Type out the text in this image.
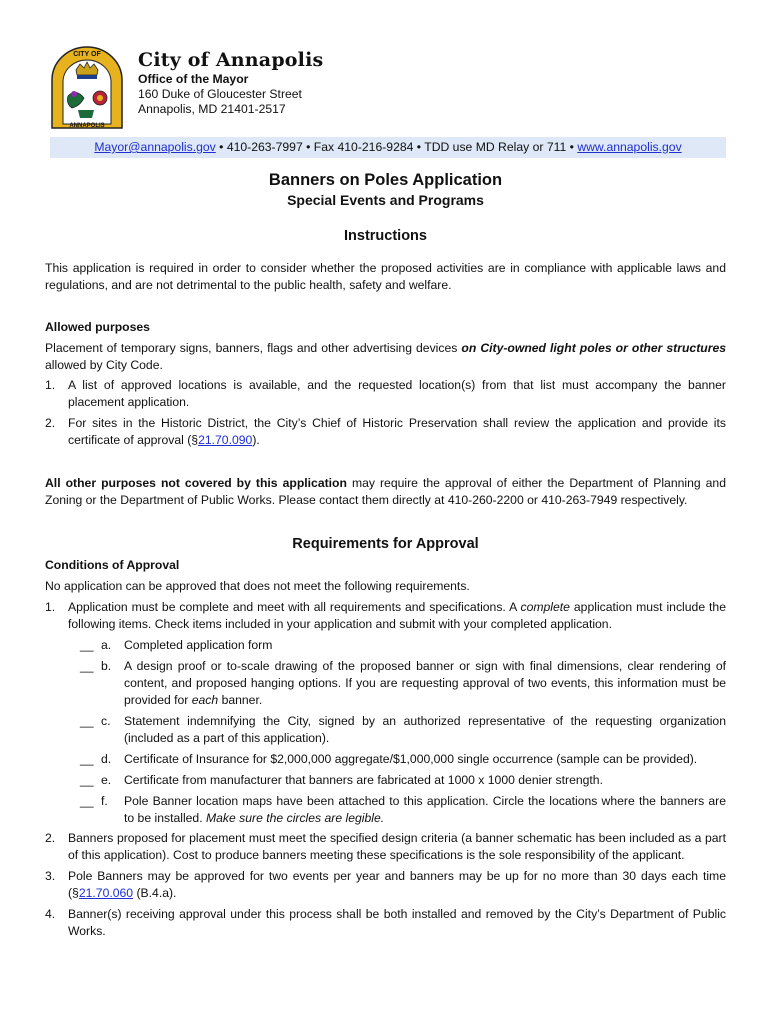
CITY OF
ANNAPOLIS
City of Annapolis
Office of the Mayor
160 Duke of Gloucester Street
Annapolis, MD 21401-2517
Mayor@annapolis.gov • 410-263-7997 • Fax 410-216-9284 • TDD use MD Relay or 711 • www.annapolis.gov
Banners on Poles Application
Special Events and Programs
Instructions

This application is required in order to consider whether the proposed activities are in compliance with applicable laws and regulations, and are not detrimental to the public health, safety and welfare.

Allowed purposes

Placement of temporary signs, banners, flags and other advertising devices on City-owned light poles or other structures allowed by City Code.

1. A list of approved locations is available, and the requested location(s) from that list must accompany the banner placement application.
2. For sites in the Historic District, the City’s Chief of Historic Preservation shall review the application and provide its certificate of approval (§21.70.090).

All other purposes not covered by this application may require the approval of either the Department of Planning and Zoning or the Department of Public Works. Please contact them directly at 410-260-2200 or 410-263-7949 respectively.

Requirements for Approval
Conditions of Approval

No application can be approved that does not meet the following requirements.

1. Application must be complete and meet with all requirements and specifications. A complete application must include the following items. Check items included in your application and submit with your completed application.
__ a. Completed application form
__ b. A design proof or to-scale drawing of the proposed banner or sign with final dimensions, clear rendering of content, and proposed hanging options. If you are requesting approval of two events, this information must be provided for each banner.
__ c. Statement indemnifying the City, signed by an authorized representative of the requesting organization (included as a part of this application).
__ d. Certificate of Insurance for $2,000,000 aggregate/$1,000,000 single occurrence (sample can be provided).
__ e. Certificate from manufacturer that banners are fabricated at 1000 x 1000 denier strength.
__ f. Pole Banner location maps have been attached to this application. Circle the locations where the banners are to be installed. Make sure the circles are legible.
2. Banners proposed for placement must meet the specified design criteria (a banner schematic has been included as a part of this application). Cost to produce banners meeting these specifications is the sole responsibility of the applicant.
3. Pole Banners may be approved for two events per year and banners may be up for no more than 30 days each time (§21.70.060 (B.4.a).
4. Banner(s) receiving approval under this process shall be both installed and removed by the City’s Department of Public Works.
